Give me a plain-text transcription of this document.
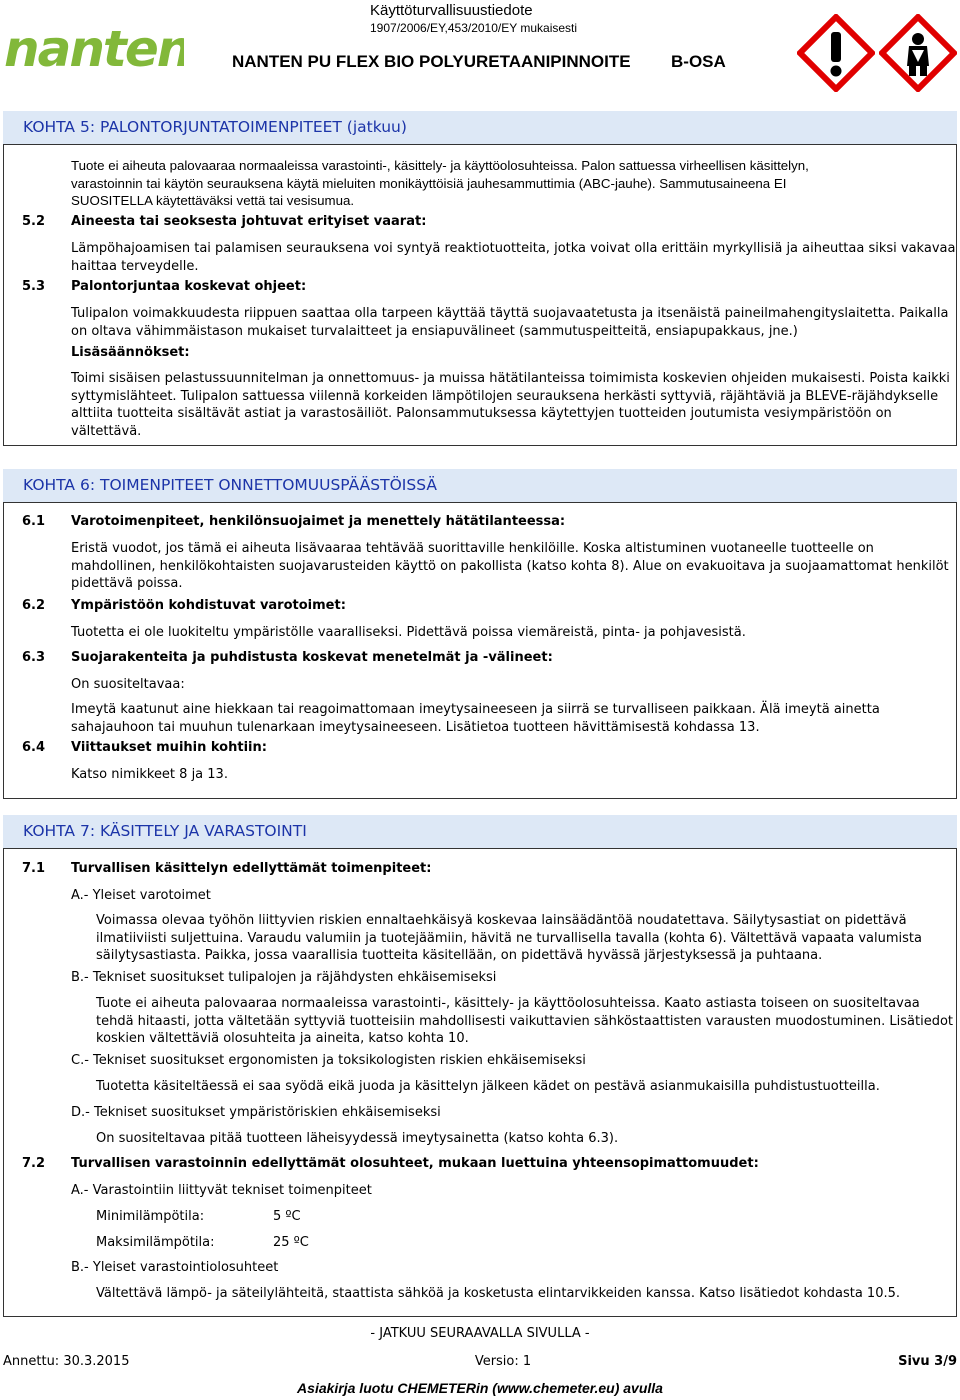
nanten
Käyttöturvallisuustiedote
1907/2006/EY,453/2010/EY mukaisesti
NANTEN PU FLEX BIO POLYURETAANIPINNOITE B-OSA
KOHTA 5: PALONTORJUNTATOIMENPITEET (jatkuu)
Tuote ei aiheuta palovaaraa normaaleissa varastointi-, käsittely- ja käyttöolosuhteissa. Palon sattuessa virheellisen käsittelyn,
varastoinnin tai käytön seurauksena käytä mieluiten monikäyttöisiä jauhesammuttimia (ABC-jauhe). Sammutusaineena EI
SUOSITELLA käytettäväksi vettä tai vesisumua.
5.2 Aineesta tai seoksesta johtuvat erityiset vaarat:
Lämpöhajoamisen tai palamisen seurauksena voi syntyä reaktiotuotteita, jotka voivat olla erittäin myrkyllisiä ja aiheuttaa siksi vakavaa
haittaa terveydelle.
5.3 Palontorjuntaa koskevat ohjeet:
Tulipalon voimakkuudesta riippuen saattaa olla tarpeen käyttää täyttä suojavaatetusta ja itsenäistä paineilmahengityslaitetta. Paikalla
on oltava vähimmäistason mukaiset turvalaitteet ja ensiapuvälineet (sammutuspeitteitä, ensiapupakkaus, jne.)
Lisäsäännökset:
Toimi sisäisen pelastussuunnitelman ja onnettomuus- ja muissa hätätilanteissa toimimista koskevien ohjeiden mukaisesti. Poista kaikki
syttymislähteet. Tulipalon sattuessa viilennä korkeiden lämpötilojen seurauksena herkästi syttyviä, räjähtäviä ja BLEVE-räjähdykselle
alttiita tuotteita sisältävät astiat ja varastosäiliöt. Palonsammutuksessa käytettyjen tuotteiden joutumista vesiympäristöön on
vältettävä.
KOHTA 6: TOIMENPITEET ONNETTOMUUSPÄÄSTÖISSÄ
6.1 Varotoimenpiteet, henkilönsuojaimet ja menettely hätätilanteessa:
Eristä vuodot, jos tämä ei aiheuta lisävaaraa tehtävää suorittaville henkilöille. Koska altistuminen vuotaneelle tuotteelle on
mahdollinen, henkilökohtaisten suojavarusteiden käyttö on pakollista (katso kohta 8). Alue on evakuoitava ja suojaamattomat henkilöt
pidettävä poissa.
6.2 Ympäristöön kohdistuvat varotoimet:
Tuotetta ei ole luokiteltu ympäristölle vaaralliseksi. Pidettävä poissa viemäreistä, pinta- ja pohjavesistä.
6.3 Suojarakenteita ja puhdistusta koskevat menetelmät ja -välineet:
On suositeltavaa:
Imeytä kaatunut aine hiekkaan tai reagoimattomaan imeytysaineeseen ja siirrä se turvalliseen paikkaan. Älä imeytä ainetta
sahajauhoon tai muuhun tulenarkaan imeytysaineeseen. Lisätietoa tuotteen hävittämisestä kohdassa 13.
6.4 Viittaukset muihin kohtiin:
Katso nimikkeet 8 ja 13.
KOHTA 7: KÄSITTELY JA VARASTOINTI
7.1 Turvallisen käsittelyn edellyttämät toimenpiteet:
A.- Yleiset varotoimet
Voimassa olevaa työhön liittyvien riskien ennaltaehkäisyä koskevaa lainsäädäntöä noudatettava. Säilytysastiat on pidettävä
ilmatiiviisti suljettuina. Varaudu valumiin ja tuotejäämiin, hävitä ne turvallisella tavalla (kohta 6). Vältettävä vapaata valumista
säilytysastiasta. Paikka, jossa vaarallisia tuotteita käsitellään, on pidettävä hyvässä järjestyksessä ja puhtaana.
B.- Tekniset suositukset tulipalojen ja räjähdysten ehkäisemiseksi
Tuote ei aiheuta palovaaraa normaaleissa varastointi-, käsittely- ja käyttöolosuhteissa. Kaato astiasta toiseen on suositeltavaa
tehdä hitaasti, jotta vältetään syttyviä tuotteisiin mahdollisesti vaikuttavien sähköstaattisten varausten muodostuminen. Lisätiedot
koskien vältettäviä olosuhteita ja aineita, katso kohta 10.
C.- Tekniset suositukset ergonomisten ja toksikologisten riskien ehkäisemiseksi
Tuotetta käsiteltäessä ei saa syödä eikä juoda ja käsittelyn jälkeen kädet on pestävä asianmukaisilla puhdistustuotteilla.
D.- Tekniset suositukset ympäristöriskien ehkäisemiseksi
On suositeltavaa pitää tuotteen läheisyydessä imeytysainetta (katso kohta 6.3).
7.2 Turvallisen varastoinnin edellyttämät olosuhteet, mukaan luettuina yhteensopimattomuudet:
A.- Varastointiin liittyvät tekniset toimenpiteet
Minimilämpötila:	5 ºC
Maksimilämpötila:	25 ºC
B.- Yleiset varastointiolosuhteet
Vältettävä lämpö- ja säteilylähteitä, staattista sähköä ja kosketusta elintarvikkeiden kanssa. Katso lisätiedot kohdasta 10.5.
- JATKUU SEURAAVALLA SIVULLA -
Annettu: 30.3.2015	Versio: 1	Sivu 3/9
Asiakirja luotu CHEMETERin (www.chemeter.eu) avulla
